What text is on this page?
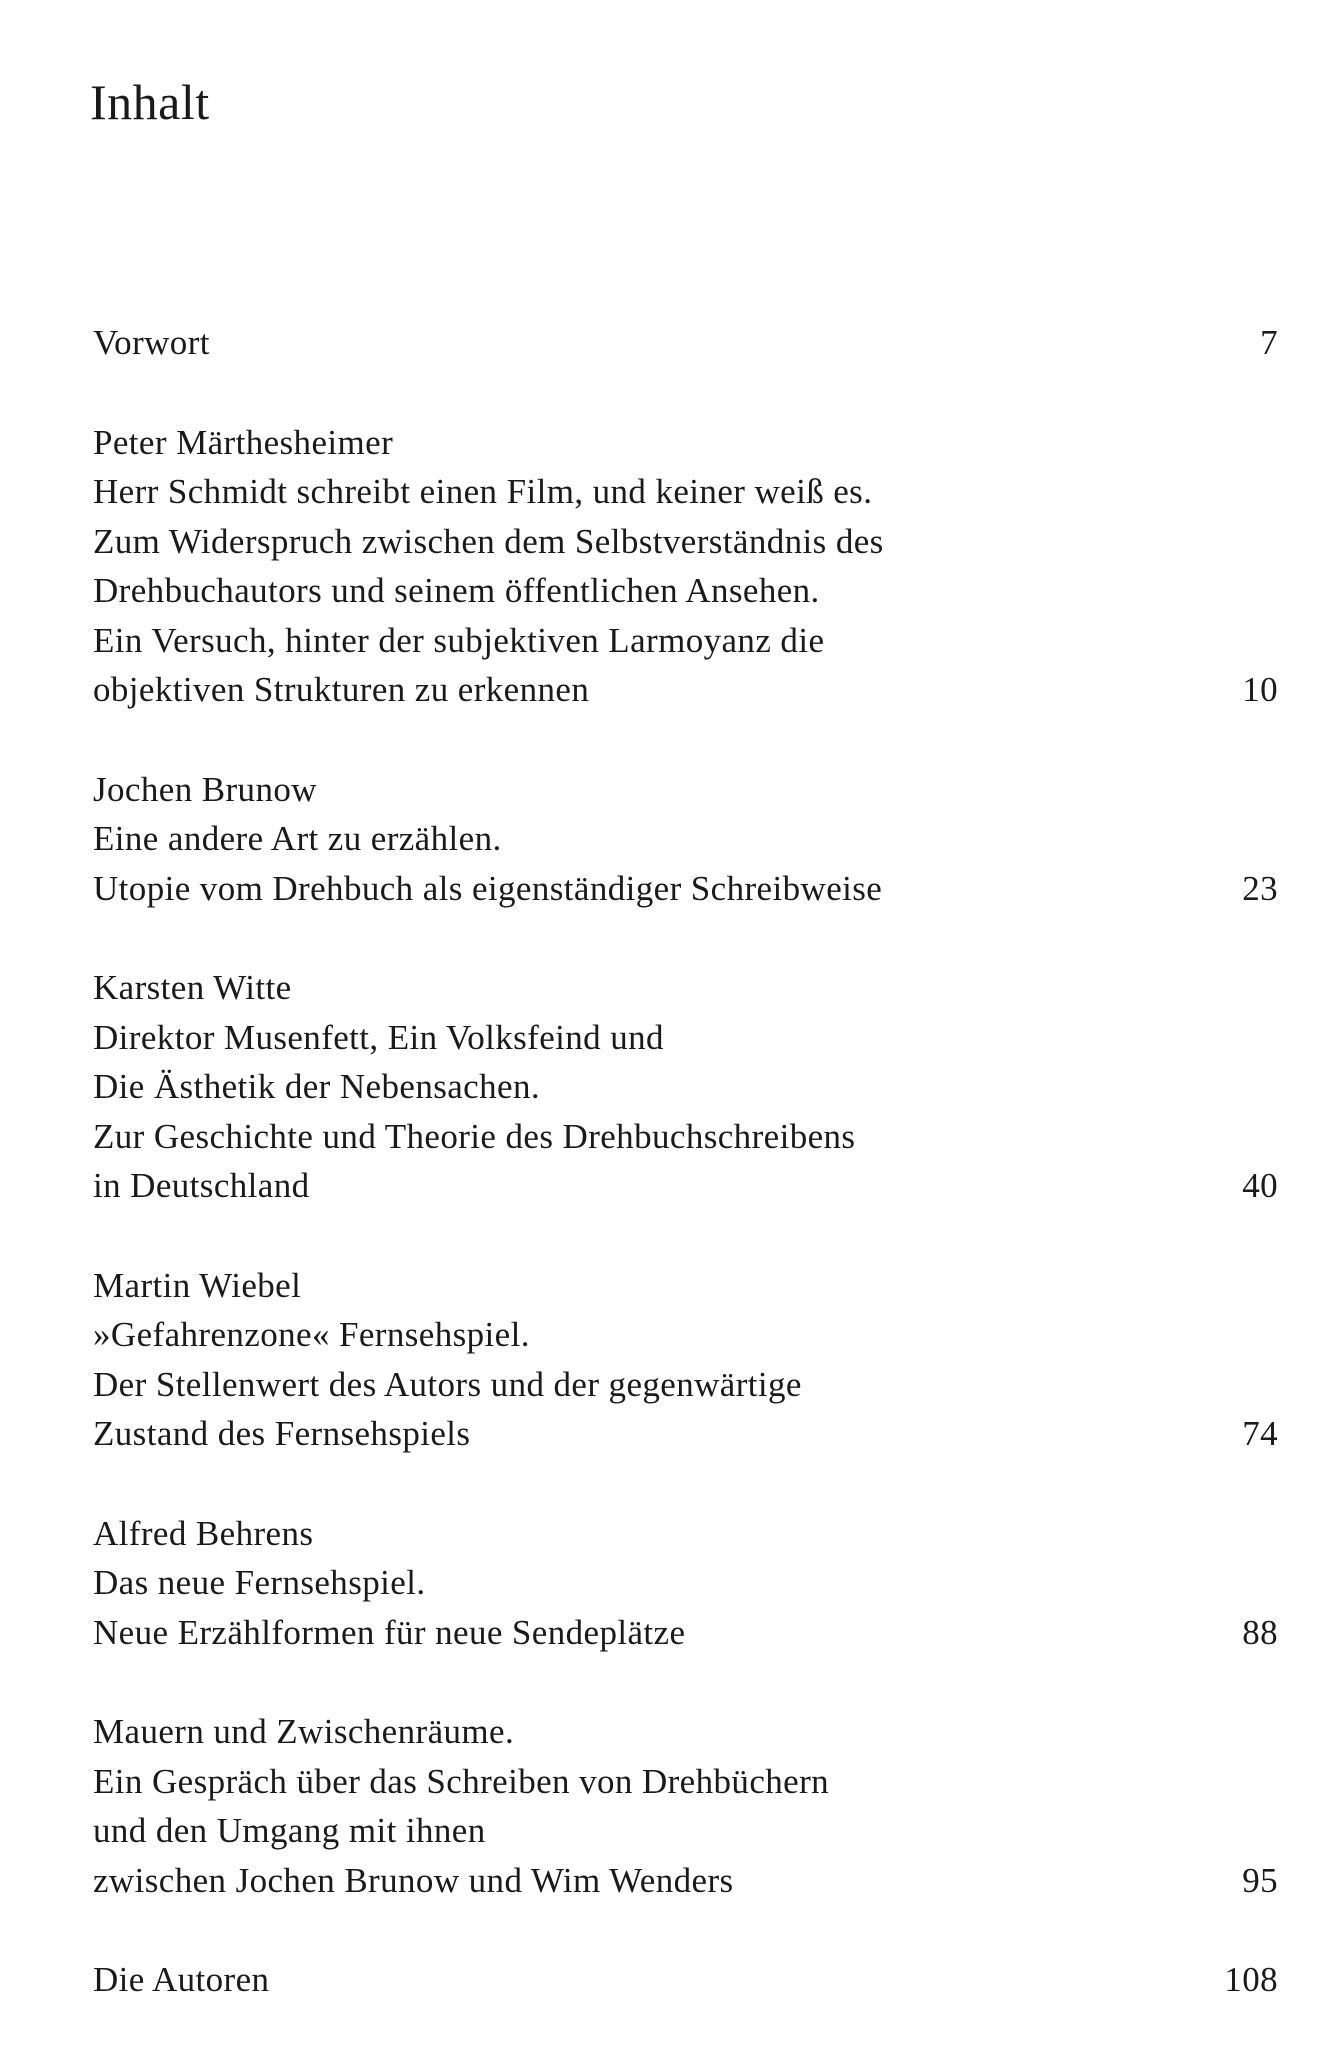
Inhalt
Vorwort	7
Peter Märthesheimer
Herr Schmidt schreibt einen Film, und keiner weiß es.
Zum Widerspruch zwischen dem Selbstverständnis des
Drehbuchautors und seinem öffentlichen Ansehen.
Ein Versuch, hinter der subjektiven Larmoyanz die
objektiven Strukturen zu erkennen	10
Jochen Brunow
Eine andere Art zu erzählen.
Utopie vom Drehbuch als eigenständiger Schreibweise	23
Karsten Witte
Direktor Musenfett, Ein Volksfeind und
Die Ästhetik der Nebensachen.
Zur Geschichte und Theorie des Drehbuchschreibens
in Deutschland	40
Martin Wiebel
»Gefahrenzone« Fernsehspiel.
Der Stellenwert des Autors und der gegenwärtige
Zustand des Fernsehspiels	74
Alfred Behrens
Das neue Fernsehspiel.
Neue Erzählformen für neue Sendeplätze	88
Mauern und Zwischenräume.
Ein Gespräch über das Schreiben von Drehbüchern
und den Umgang mit ihnen
zwischen Jochen Brunow und Wim Wenders	95
Die Autoren	108
